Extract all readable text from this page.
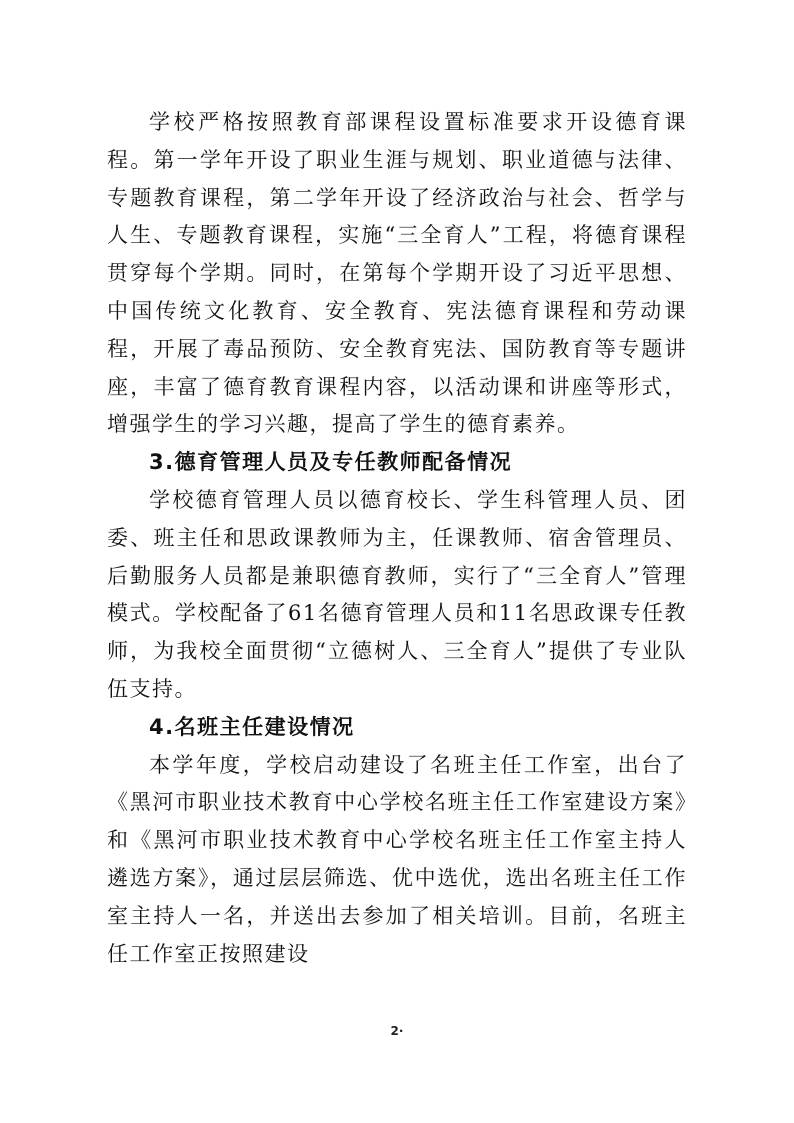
学校严格按照教育部课程设置标准要求开设德育课程。第一学年开设了职业生涯与规划、职业道德与法律、专题教育课程，第二学年开设了经济政治与社会、哲学与人生、专题教育课程，实施“三全育人”工程，将德育课程贯穿每个学期。同时，在第每个学期开设了习近平思想、中国传统文化教育、安全教育、宪法德育课程和劳动课程，开展了毒品预防、安全教育宪法、国防教育等专题讲座，丰富了德育教育课程内容，以活动课和讲座等形式，增强学生的学习兴趣，提高了学生的德育素养。

3.德育管理人员及专任教师配备情况

学校德育管理人员以德育校长、学生科管理人员、团委、班主任和思政课教师为主，任课教师、宿舍管理员、后勤服务人员都是兼职德育教师，实行了“三全育人”管理模式。学校配备了61名德育管理人员和11名思政课专任教师，为我校全面贯彻“立德树人、三全育人”提供了专业队伍支持。

4.名班主任建设情况

本学年度，学校启动建设了名班主任工作室，出台了《黑河市职业技术教育中心学校名班主任工作室建设方案》和《黑河市职业技术教育中心学校名班主任工作室主持人遴选方案》，通过层层筛选、优中选优，选出名班主任工作室主持人一名，并送出去参加了相关培训。目前，名班主任工作室正按照建设

2·
